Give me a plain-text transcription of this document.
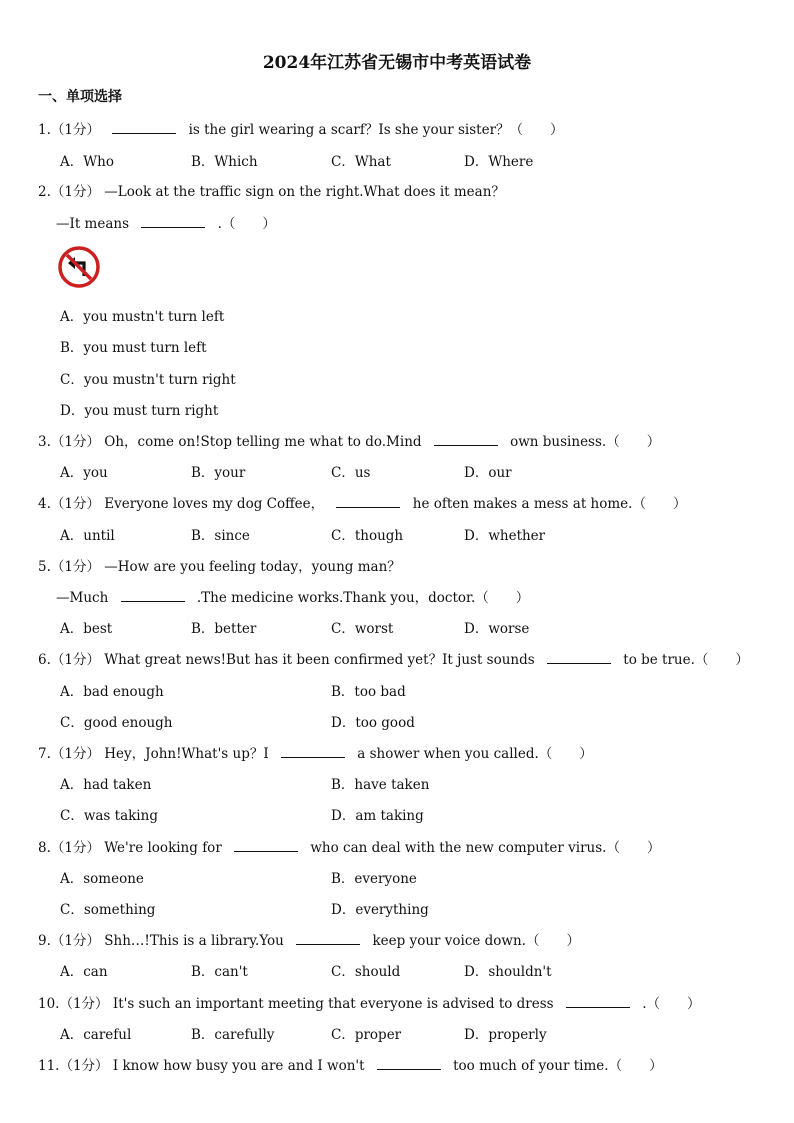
2024年江苏省无锡市中考英语试卷
一、单项选择
1.（1分）	is the girl wearing a scarf？Is she your sister？（　　）
A．Who	B．Which	C．What	D．Where
2.（1分） —Look at the traffic sign on the right.What does it mean？
—It means	.（　　）
A．you mustn't turn left
B．you must turn left
C．you mustn't turn right
D．you must turn right
3.（1分） Oh，come on!Stop telling me what to do.Mind	own business.（　　）
A．you	B．your	C．us	D．our
4.（1分） Everyone loves my dog Coffee，	he often makes a mess at home.（　　）
A．until	B．since	C．though	D．whether
5.（1分） —How are you feeling today，young man？
—Much	.The medicine works.Thank you，doctor.（　　）
A．best	B．better	C．worst	D．worse
6.（1分） What great news!But has it been confirmed yet？It just sounds	to be true.（　　）
A．bad enough	B．too bad
C．good enough	D．too good
7.（1分） Hey，John!What's up？I	a shower when you called.（　　）
A．had taken	B．have taken
C．was taking	D．am taking
8.（1分） We're looking for	who can deal with the new computer virus.（　　）
A．someone	B．everyone
C．something	D．everything
9.（1分） Shh…!This is a library.You	keep your voice down.（　　）
A．can	B．can't	C．should	D．shouldn't
10.（1分） It's such an important meeting that everyone is advised to dress	.（　　）
A．careful	B．carefully	C．proper	D．properly
11.（1分） I know how busy you are and I won't	too much of your time.（　　）
